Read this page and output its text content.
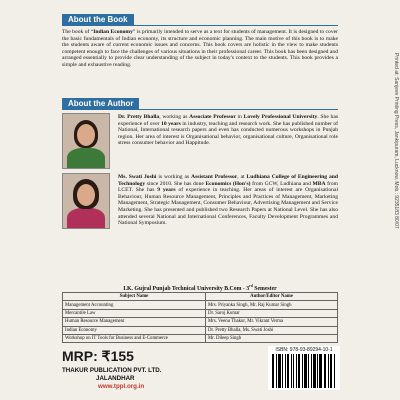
About the Book
The book of “Indian Economy” is primarily intended to serve as a text for students of management. It is designed to cover the basic fundamentals of Indian economy, its structure and economic planning. The main motive of this book is to make the students aware of current economic issues and concerns. This book covers are holistic in the view to make students competent enough to face the challenges of various situations in their professional career. This book has been designed and arranged essentially to provide clear understanding of the subject in today's context to the students. This book provides a simple and exhaustive reading.
About the Author
Dr. Pretty Bhalla, working as Associate Professor in Lovely Professional University. She has experience of over 10 years in industry, teaching and research work. She has published number of National, International research papers and even has conducted numerous workshops in Punjab region. Her area of interest is Organisational behavior, organisational culture, Organisational role stress consumer behavior and Happitude.
Ms. Swati Joshi is working as Assistant Professor, at Ludhiana College of Engineering and Technology since 2010. She has done Economics (Hon's) from GCW, Ludhiana and MBA from LCET. She has 9 years of experience in teaching. Her areas of interest are Organisational Behaviour, Human Resource Management, Principles and Practices of Management, Marketing Management, Strategic Management, Consumer Behaviour, Advertising Management and Service Marketing. She has presented and published two Research Papers at National Level. She has also attended several National and International Conferences, Faculty Development Programmes and National Symposium.	Printed at: Sanjeev Printing Press, Jankipuram, Lucknow, Mob.: 9235183 80/07
I.K. Gujral Punjab Technical University B.Com - 3rd Semester
Subject Name	Author/Editor Name
Management Accounting	Mrs. Priyanka Singh, Mr. Raj Kumar Singh
Mercantile Law	Dr. Saroj Kumar
Human Resource Management	Mrs. Veenu Thakur, Mr. Vikrant Verma
Indian Economy	Dr. Pretty Bhalla, Ms. Swati Joshi
Workshop on IT Tools for Business and E-Commerce	Mr. Dileep Singh
MRP: ₹155
THAKUR PUBLICATION PVT. LTD.
JALANDHAR
www.tppl.org.in
ISBN: 978-93-89294-10-1
